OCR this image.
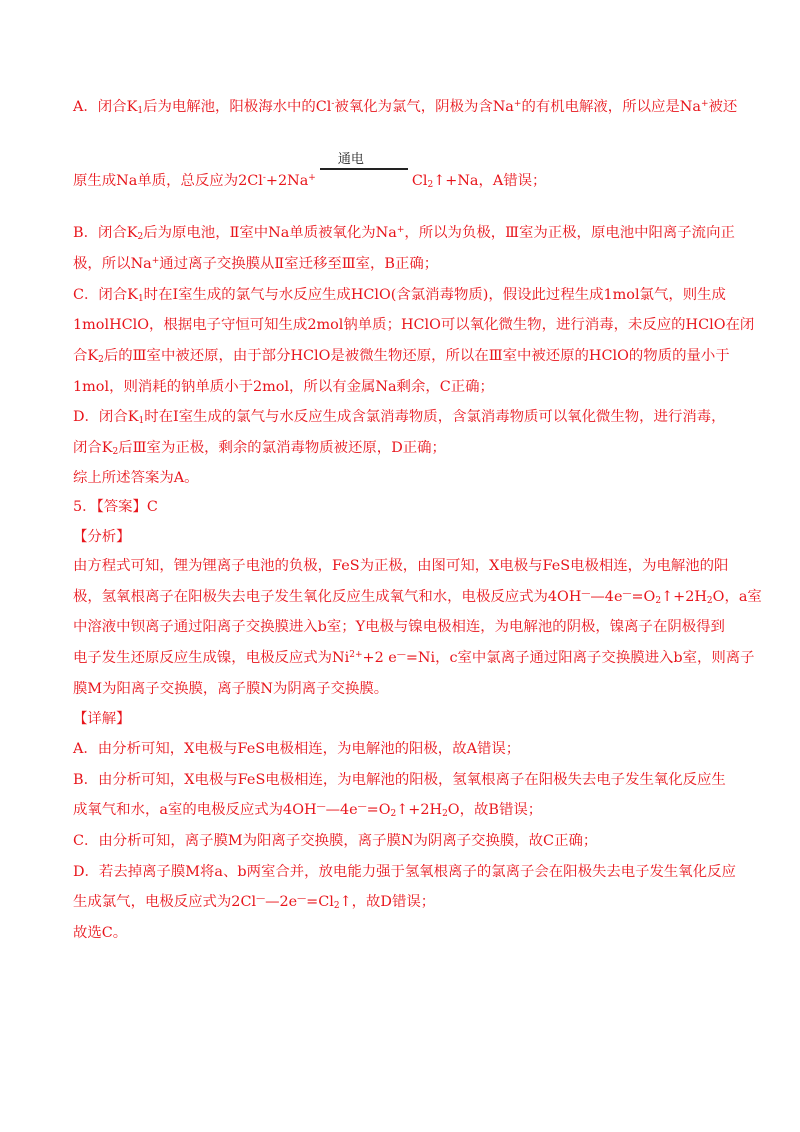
A．闭合$K_1$后为电解池，阳极海水中的Cl-被氧化为氯气，阴极为含Na+的有机电解液，所以应是Na+被还
原生成Na单质，总反应为2Cl-+2Na+
通电
$Cl_2↑+Na$，A错误；
B．闭合$K_2$后为原电池，Ⅱ室中Na单质被氧化为Na+，所以为负极，Ⅲ室为正极，原电池中阳离子流向正
极，所以Na+通过离子交换膜从Ⅱ室迁移至Ⅲ室，B正确；
C．闭合$K_1$时在Ⅰ室生成的氯气与水反应生成HClO(含氯消毒物质)，假设此过程生成1mol氯气，则生成
1molHClO，根据电子守恒可知生成2mol钠单质；HClO可以氧化微生物，进行消毒，未反应的HClO在闭
合$K_2$后的Ⅲ室中被还原，由于部分HClO是被微生物还原，所以在Ⅲ室中被还原的HClO的物质的量小于
1mol，则消耗的钠单质小于2mol，所以有金属Na剩余，C正确；
D．闭合$K_1$时在Ⅰ室生成的氯气与水反应生成含氯消毒物质，含氯消毒物质可以氧化微生物，进行消毒，
闭合$K_2$后Ⅲ室为正极，剩余的氯消毒物质被还原，D正确；
综上所述答案为A。
5．【答案】C
【分析】
由方程式可知，锂为锂离子电池的负极，FeS为正极，由图可知，X电极与FeS电极相连，为电解池的阳
极，氢氧根离子在阳极失去电子发生氧化反应生成氧气和水，电极反应式为$4OH^——4e^—=O_2↑+2H_2O$，a室
中溶液中钡离子通过阳离子交换膜进入b室；Y电极与镍电极相连，为电解池的阴极，镍离子在阴极得到
电子发生还原反应生成镍，电极反应式为$Ni^{2+}+2$ e—=Ni，c室中氯离子通过阳离子交换膜进入b室，则离子
膜M为阳离子交换膜，离子膜N为阴离子交换膜。
【详解】
A．由分析可知，X电极与FeS电极相连，为电解池的阳极，故A错误；
B．由分析可知，X电极与FeS电极相连，为电解池的阳极，氢氧根离子在阳极失去电子发生氧化反应生
成氧气和水，a室的电极反应式为$4OH^——4e^—=O_2↑+2H_2O$，故B错误；
C．由分析可知，离子膜M为阳离子交换膜，离子膜N为阴离子交换膜，故C正确；
D．若去掉离子膜M将a、b两室合并，放电能力强于氢氧根离子的氯离子会在阳极失去电子发生氧化反应
生成氯气，电极反应式为$2Cl^——2e^—=Cl_2↑$，故D错误；
故选C。
